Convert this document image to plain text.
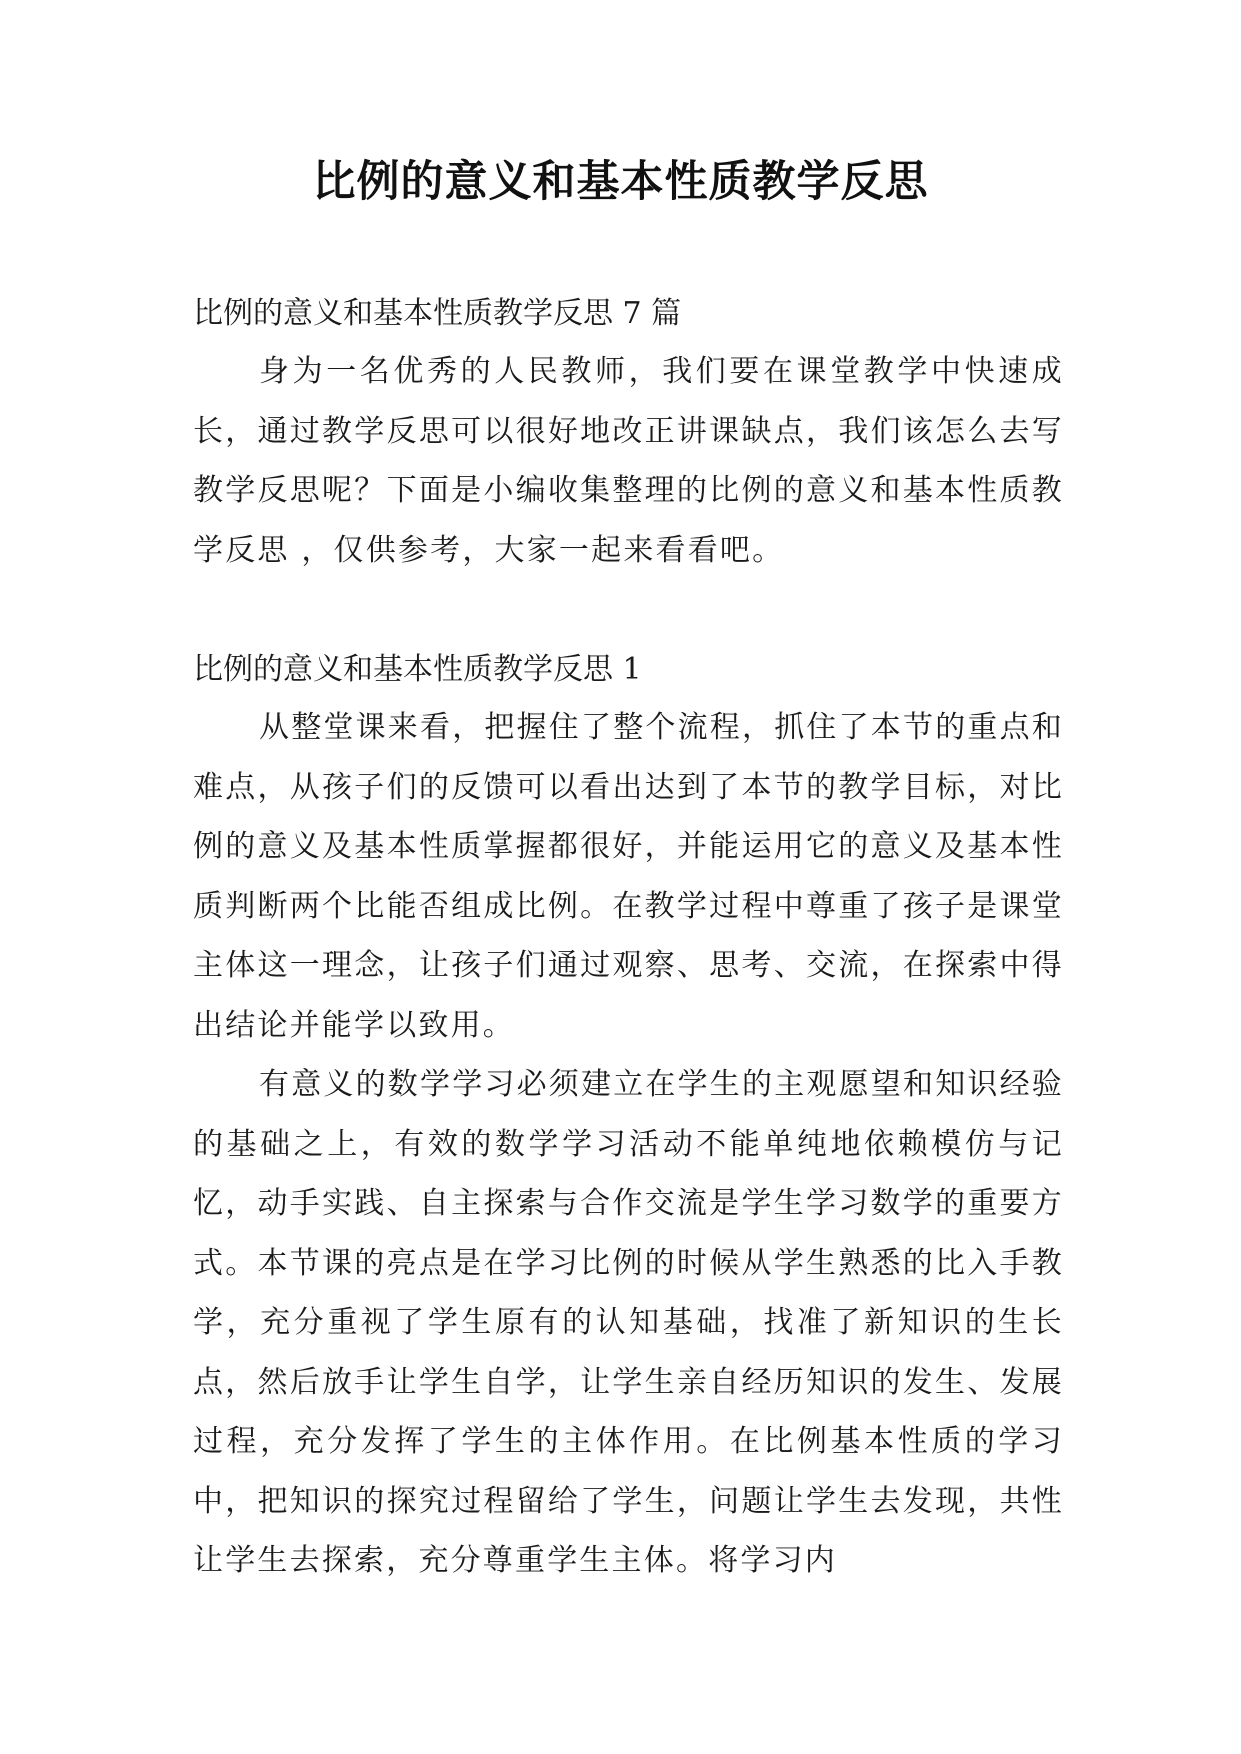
比例的意义和基本性质教学反思

比例的意义和基本性质教学反思 7 篇

身为一名优秀的人民教师，我们要在课堂教学中快速成长，通过教学反思可以很好地改正讲课缺点，我们该怎么去写教学反思呢？下面是小编收集整理的比例的意义和基本性质教学反思 ，仅供参考，大家一起来看看吧。

比例的意义和基本性质教学反思 1

从整堂课来看，把握住了整个流程，抓住了本节的重点和难点，从孩子们的反馈可以看出达到了本节的教学目标，对比例的意义及基本性质掌握都很好，并能运用它的意义及基本性质判断两个比能否组成比例。在教学过程中尊重了孩子是课堂主体这一理念，让孩子们通过观察、思考、交流，在探索中得出结论并能学以致用。

有意义的数学学习必须建立在学生的主观愿望和知识经验的基础之上，有效的数学学习活动不能单纯地依赖模仿与记忆，动手实践、自主探索与合作交流是学生学习数学的重要方式。本节课的亮点是在学习比例的时候从学生熟悉的比入手教学，充分重视了学生原有的认知基础，找准了新知识的生长点，然后放手让学生自学，让学生亲自经历知识的发生、发展过程，充分发挥了学生的主体作用。在比例基本性质的学习中，把知识的探究过程留给了学生，问题让学生去发现，共性让学生去探索，充分尊重学生主体。将学习内
